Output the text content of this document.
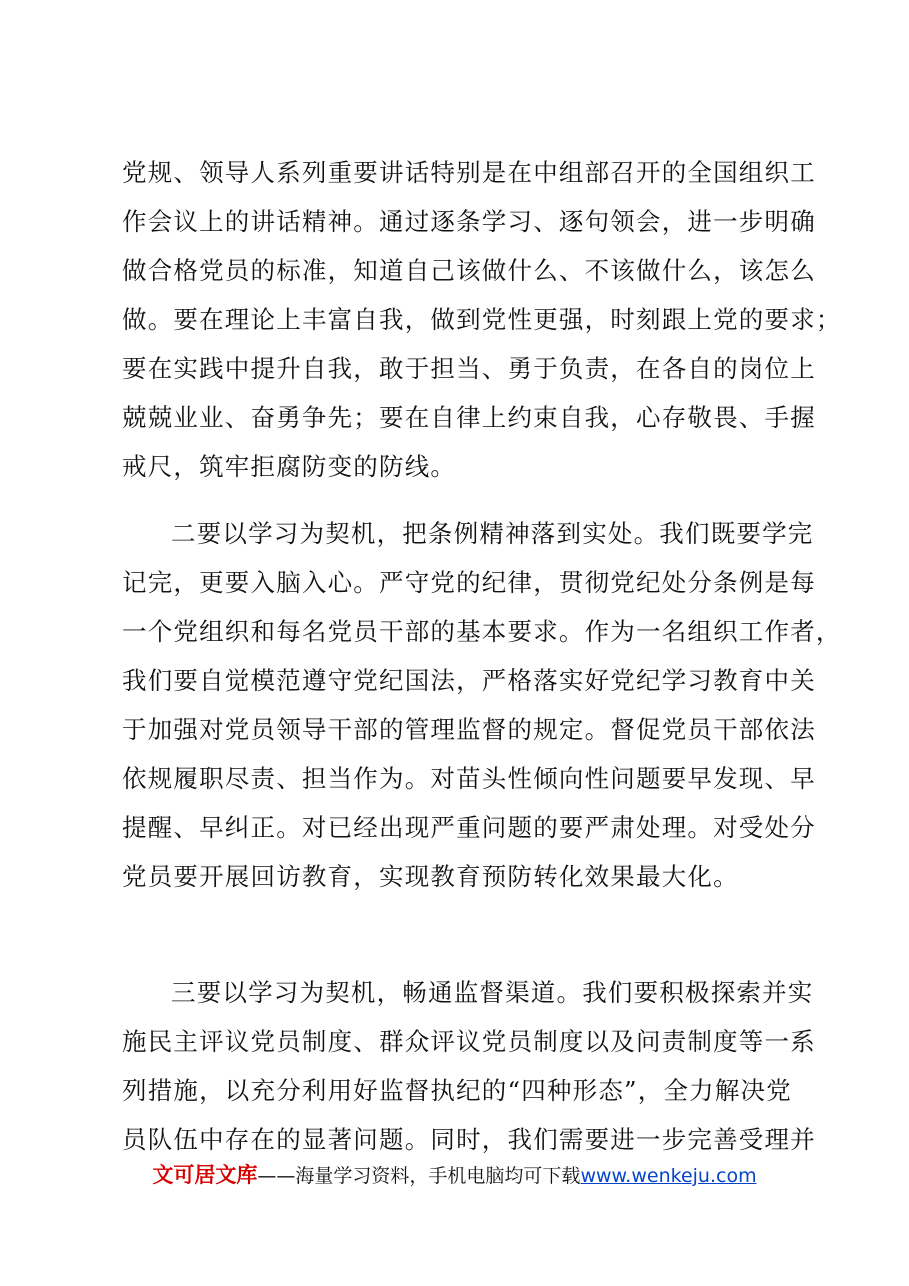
党规、领导人系列重要讲话特别是在中组部召开的全国组织工
作会议上的讲话精神。通过逐条学习、逐句领会，进一步明确
做合格党员的标准，知道自己该做什么、不该做什么，该怎么
做。要在理论上丰富自我，做到党性更强，时刻跟上党的要求；
要在实践中提升自我，敢于担当、勇于负责，在各自的岗位上
兢兢业业、奋勇争先；要在自律上约束自我，心存敬畏、手握
戒尺，筑牢拒腐防变的防线。

二要以学习为契机，把条例精神落到实处。我们既要学完
记完，更要入脑入心。严守党的纪律，贯彻党纪处分条例是每
一个党组织和每名党员干部的基本要求。作为一名组织工作者，
我们要自觉模范遵守党纪国法，严格落实好党纪学习教育中关
于加强对党员领导干部的管理监督的规定。督促党员干部依法
依规履职尽责、担当作为。对苗头性倾向性问题要早发现、早
提醒、早纠正。对已经出现严重问题的要严肃处理。对受处分
党员要开展回访教育，实现教育预防转化效果最大化。

三要以学习为契机，畅通监督渠道。我们要积极探索并实
施民主评议党员制度、群众评议党员制度以及问责制度等一系
列措施，以充分利用好监督执纪的“四种形态”，全力解决党
员队伍中存在的显著问题。同时，我们需要进一步完善受理并

文可居文库——海量学习资料，手机电脑均可下载www.wenkeju.com
